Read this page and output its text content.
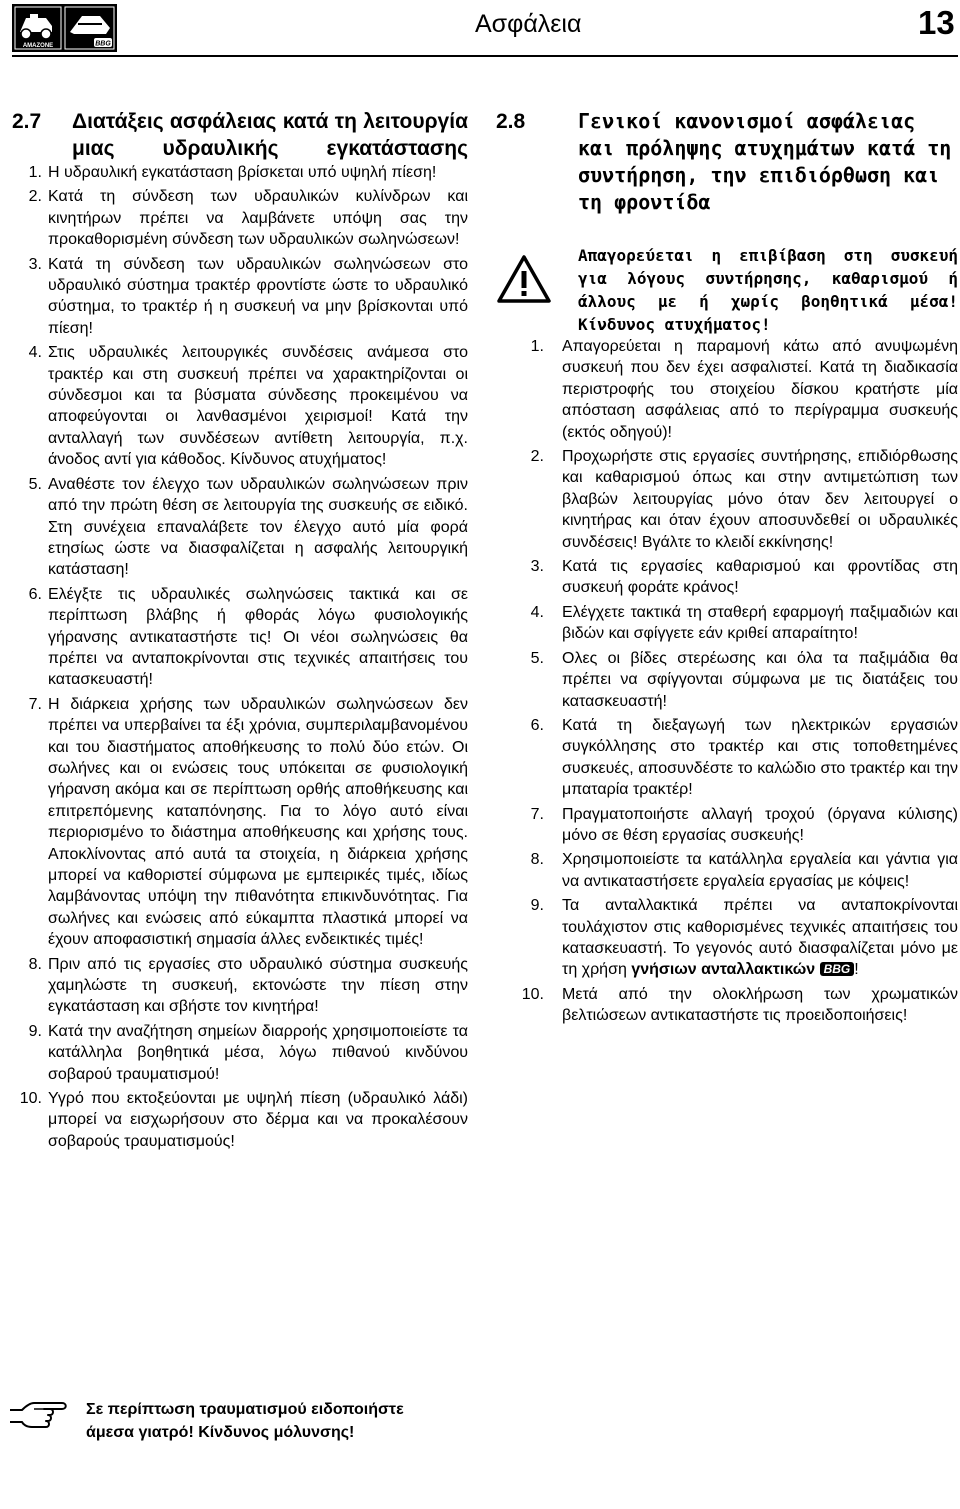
AMAZONE	BBG
Ασφάλεια	13
2.7	Διατάξεις ασφάλειας κατά τη λειτουργία μιας υδραυλικής εγκατάστασης
1. Η υδραυλική εγκατάσταση βρίσκεται υπό υψηλή πίεση!
2. Κατά τη σύνδεση των υδραυλικών κυλίνδρων και κινητήρων πρέπει να λαμβάνετε υπόψη σας την προκαθορισμένη σύνδεση των υδραυλικών σωληνώσεων!
3. Κατά τη σύνδεση των υδραυλικών σωληνώσεων στο υδραυλικό σύστημα τρακτέρ φροντίστε ώστε το υδραυλικό σύστημα, το τρακτέρ ή η συσκευή να μην βρίσκονται υπό πίεση!
4. Στις υδραυλικές λειτουργικές συνδέσεις ανάμεσα στο τρακτέρ και στη συσκευή πρέπει να χαρακτηρίζονται οι σύνδεσμοι και τα βύσματα σύνδεσης προκειμένου να αποφεύγονται οι λανθασμένοι χειρισμοί! Κατά την ανταλλαγή των συνδέσεων αντίθετη λειτουργία, π.χ. άνοδος αντί για κάθοδος. Κίνδυνος ατυχήματος!
5. Αναθέστε τον έλεγχο των υδραυλικών σωληνώσεων πριν από την πρώτη θέση σε λειτουργία της συσκευής σε ειδικό. Στη συνέχεια επαναλάβετε τον έλεγχο αυτό μία φορά ετησίως ώστε να διασφαλίζεται η ασφαλής λειτουργική κατάσταση!
6. Ελέγξτε τις υδραυλικές σωληνώσεις τακτικά και σε περίπτωση βλάβης ή φθοράς λόγω φυσιολογικής γήρανσης αντικαταστήστε τις! Οι νέοι σωληνώσεις θα πρέπει να ανταποκρίνονται στις τεχνικές απαιτήσεις του κατασκευαστή!
7. Η διάρκεια χρήσης των υδραυλικών σωληνώσεων δεν πρέπει να υπερβαίνει τα έξι χρόνια, συμπεριλαμβανομένου και του διαστήματος αποθήκευσης το πολύ δύο ετών. Οι σωλήνες και οι ενώσεις τους υπόκειται σε φυσιολογική γήρανση ακόμα και σε περίπτωση ορθής αποθήκευσης και επιτρεπόμενης καταπόνησης. Για το λόγο αυτό είναι περιορισμένο το διάστημα αποθήκευσης και χρήσης τους. Αποκλίνοντας από αυτά τα στοιχεία, η διάρκεια χρήσης μπορεί να καθοριστεί σύμφωνα με εμπειρικές τιμές, ιδίως λαμβάνοντας υπόψη την πιθανότητα επικινδυνότητας. Για σωλήνες και ενώσεις από εύκαμπτα πλαστικά μπορεί να έχουν αποφασιστική σημασία άλλες ενδεικτικές τιμές!
8. Πριν από τις εργασίες στο υδραυλικό σύστημα συσκευής χαμηλώστε τη συσκευή, εκτονώστε την πίεση στην εγκατάσταση και σβήστε τον κινητήρα!
9. Κατά την αναζήτηση σημείων διαρροής χρησιμοποιείστε τα κατάλληλα βοηθητικά μέσα, λόγω πιθανού κινδύνου σοβαρού τραυματισμού!
10. Υγρό που εκτοξεύονται με υψηλή πίεση (υδραυλικό λάδι) μπορεί να εισχωρήσουν στο δέρμα και να προκαλέσουν σοβαρούς τραυματισμούς!
2.8	Γενικοί κανονισμοί ασφάλειας και πρόληψης ατυχημάτων κατά τη συντήρηση, την επιδιόρθωση και τη φροντίδα
Απαγορεύεται η επιβίβαση στη συσκευή για λόγους συντήρησης, καθαρισμού ή άλλους με ή χωρίς βοηθητικά μέσα! Κίνδυνος ατυχήματος!
1.	Απαγορεύεται η παραμονή κάτω από ανυψωμένη συσκευή που δεν έχει ασφαλιστεί. Κατά τη διαδικασία περιστροφής του στοιχείου δίσκου κρατήστε μία απόσταση ασφάλειας από το περίγραμμα συσκευής (εκτός οδηγού)!
2.	Προχωρήστε στις εργασίες συντήρησης, επιδιόρθωσης και καθαρισμού όπως και στην αντιμετώπιση των βλαβών λειτουργίας μόνο όταν δεν λειτουργεί ο κινητήρας και όταν έχουν αποσυνδεθεί οι υδραυλικές συνδέσεις! Βγάλτε το κλειδί εκκίνησης!
3.	Κατά τις εργασίες καθαρισμού και φροντίδας στη συσκευή φοράτε κράνος!
4.	Ελέγχετε τακτικά τη σταθερή εφαρμογή παξιμαδιών και βιδών και σφίγγετε εάν κριθεί απαραίτητο!
5.	Ολες οι βίδες στερέωσης και όλα τα παξιμάδια θα πρέπει να σφίγγονται σύμφωνα με τις διατάξεις του κατασκευαστή!
6.	Κατά τη διεξαγωγή των ηλεκτρικών εργασιών συγκόλλησης στο τρακτέρ και στις τοποθετημένες συσκευές, αποσυνδέστε το καλώδιο στο τρακτέρ και την μπαταρία τρακτέρ!
7.	Πραγματοποιήστε αλλαγή τροχού (όργανα κύλισης) μόνο σε θέση εργασίας συσκευής!
8.	Χρησιμοποιείστε τα κατάλληλα εργαλεία και γάντια για να αντικαταστήσετε εργαλεία εργασίας με κόψεις!
9.	Τα ανταλλακτικά πρέπει να ανταποκρίνονται τουλάχιστον στις καθορισμένες τεχνικές απαιτήσεις του κατασκευαστή. Το γεγονός αυτό διασφαλίζεται μόνο με τη χρήση γνήσιων ανταλλακτικών BBG !
10.	Μετά από την ολοκλήρωση των χρωματικών βελτιώσεων αντικαταστήστε τις προειδοποιήσεις!
Σε περίπτωση τραυματισμού ειδοποιήστε
άμεσα γιατρό! Κίνδυνος μόλυνσης!
